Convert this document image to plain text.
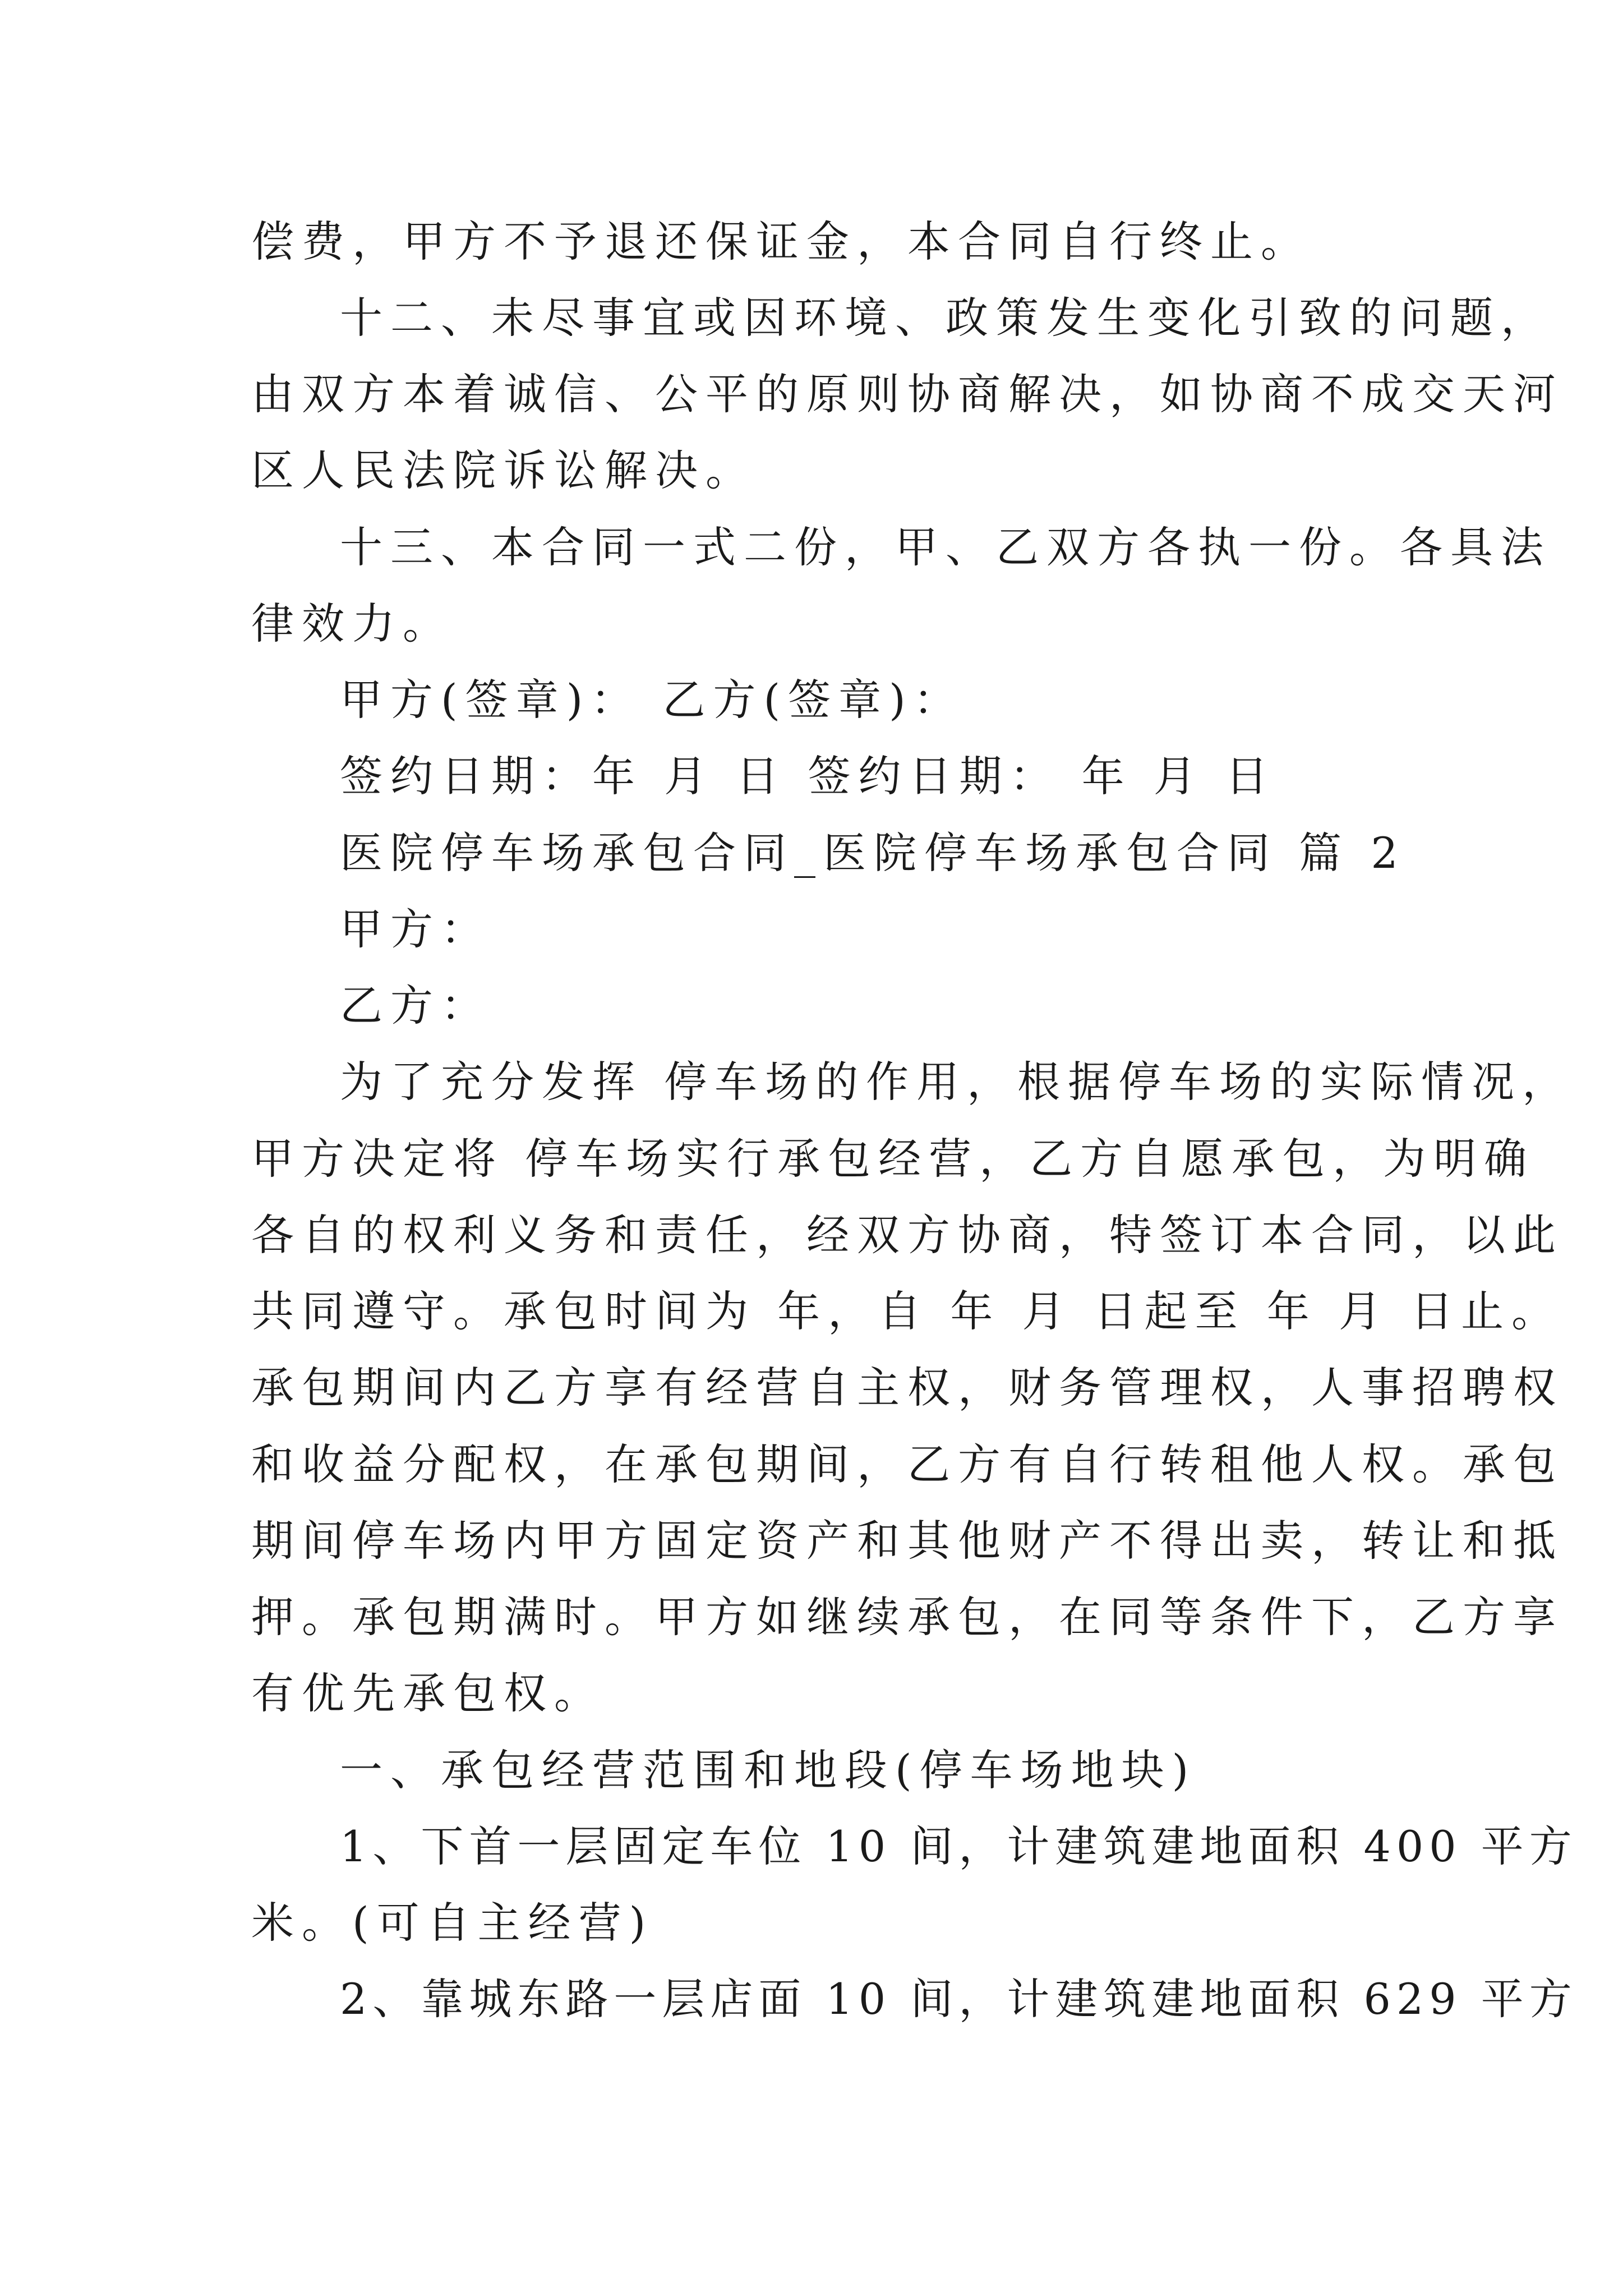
偿费，甲方不予退还保证金，本合同自行终止。
十二、未尽事宜或因环境、政策发生变化引致的问题，
由双方本着诚信、公平的原则协商解决，如协商不成交天河
区人民法院诉讼解决。
十三、本合同一式二份，甲、乙双方各执一份。各具法
律效力。
甲方(签章)： 乙方(签章)：
签约日期：年 月 日 签约日期： 年 月 日
医院停车场承包合同_医院停车场承包合同 篇 2
甲方：
乙方：
为了充分发挥 停车场的作用，根据停车场的实际情况，
甲方决定将 停车场实行承包经营，乙方自愿承包，为明确
各自的权利义务和责任，经双方协商，特签订本合同，以此
共同遵守。承包时间为 年，自 年 月 日起至 年 月 日止。
承包期间内乙方享有经营自主权，财务管理权，人事招聘权
和收益分配权，在承包期间，乙方有自行转租他人权。承包
期间停车场内甲方固定资产和其他财产不得出卖，转让和抵
押。承包期满时。甲方如继续承包，在同等条件下，乙方享
有优先承包权。
一、承包经营范围和地段(停车场地块)
1、下首一层固定车位 10 间，计建筑建地面积 400 平方
米。(可自主经营)
2、靠城东路一层店面 10 间，计建筑建地面积 629 平方
